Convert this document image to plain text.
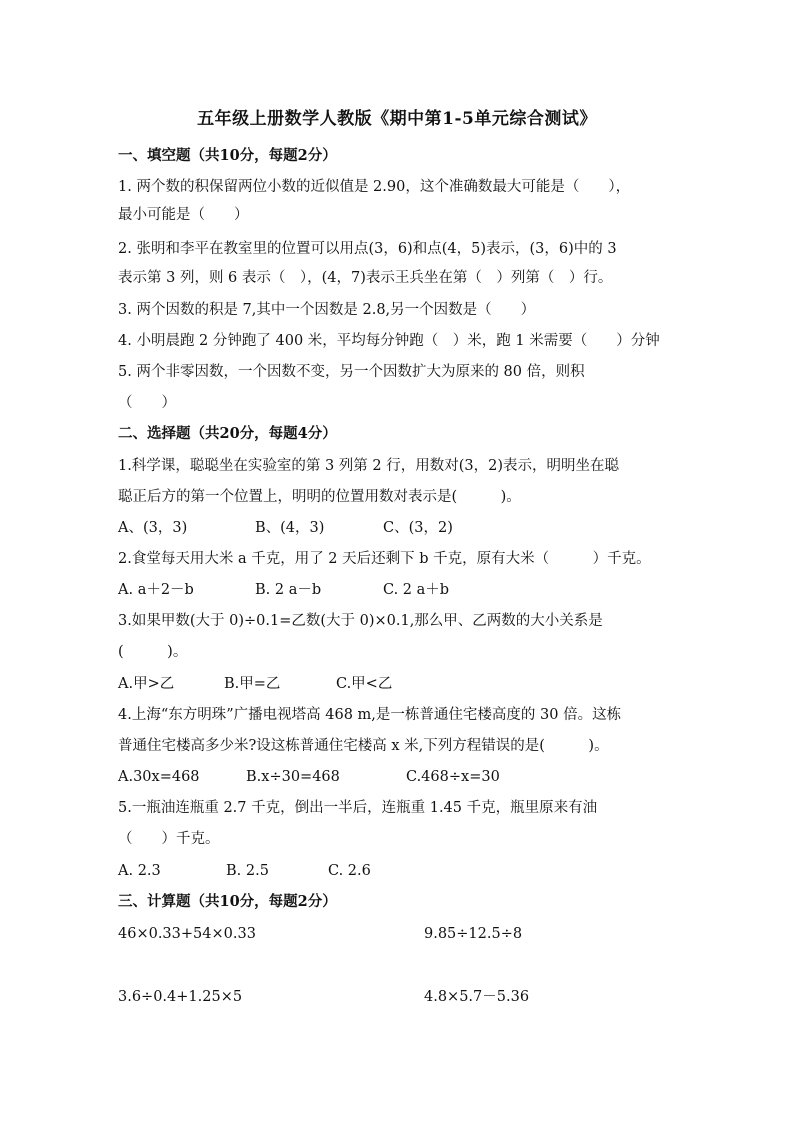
五年级上册数学人教版《期中第1-5单元综合测试》
一、填空题（共10分，每题2分）
1. 两个数的积保留两位小数的近似值是 2.90，这个准确数最大可能是（　　），
最小可能是（　　）
2. 张明和李平在教室里的位置可以用点(3，6)和点(4，5)表示，(3，6)中的 3
表示第 3 列，则 6 表示（　），(4，7)表示王兵坐在第（　）列第（　）行。
3. 两个因数的积是 7,其中一个因数是 2.8,另一个因数是（　　）
4. 小明晨跑 2 分钟跑了 400 米，平均每分钟跑（　）米，跑 1 米需要（　　）分钟
5. 两个非零因数，一个因数不变，另一个因数扩大为原来的 80 倍，则积
（　　）
二、选择题（共20分，每题4分）
1.科学课，聪聪坐在实验室的第 3 列第 2 行，用数对(3，2)表示，明明坐在聪
聪正后方的第一个位置上，明明的位置用数对表示是(　　　)。
A、(3，3)	B、(4，3)	C、(3，2)
2.食堂每天用大米 a 千克，用了 2 天后还剩下 b 千克，原有大米（　　　）千克。
A. a＋2－b	B. 2 a－b	C. 2 a＋b
3.如果甲数(大于 0)÷0.1=乙数(大于 0)×0.1,那么甲、乙两数的大小关系是
(　　　)。
A.甲>乙	B.甲=乙	C.甲<乙
4.上海“东方明珠”广播电视塔高 468 m,是一栋普通住宅楼高度的 30 倍。这栋
普通住宅楼高多少米?设这栋普通住宅楼高 x 米,下列方程错误的是(　　　)。
A.30x=468	B.x÷30=468	C.468÷x=30
5.一瓶油连瓶重 2.7 千克，倒出一半后，连瓶重 1.45 千克，瓶里原来有油
（　　）千克。
A. 2.3	B. 2.5	C. 2.6
三、计算题（共10分，每题2分）
46×0.33+54×0.33	9.85÷12.5÷8
3.6÷0.4+1.25×5	4.8×5.7－5.36
